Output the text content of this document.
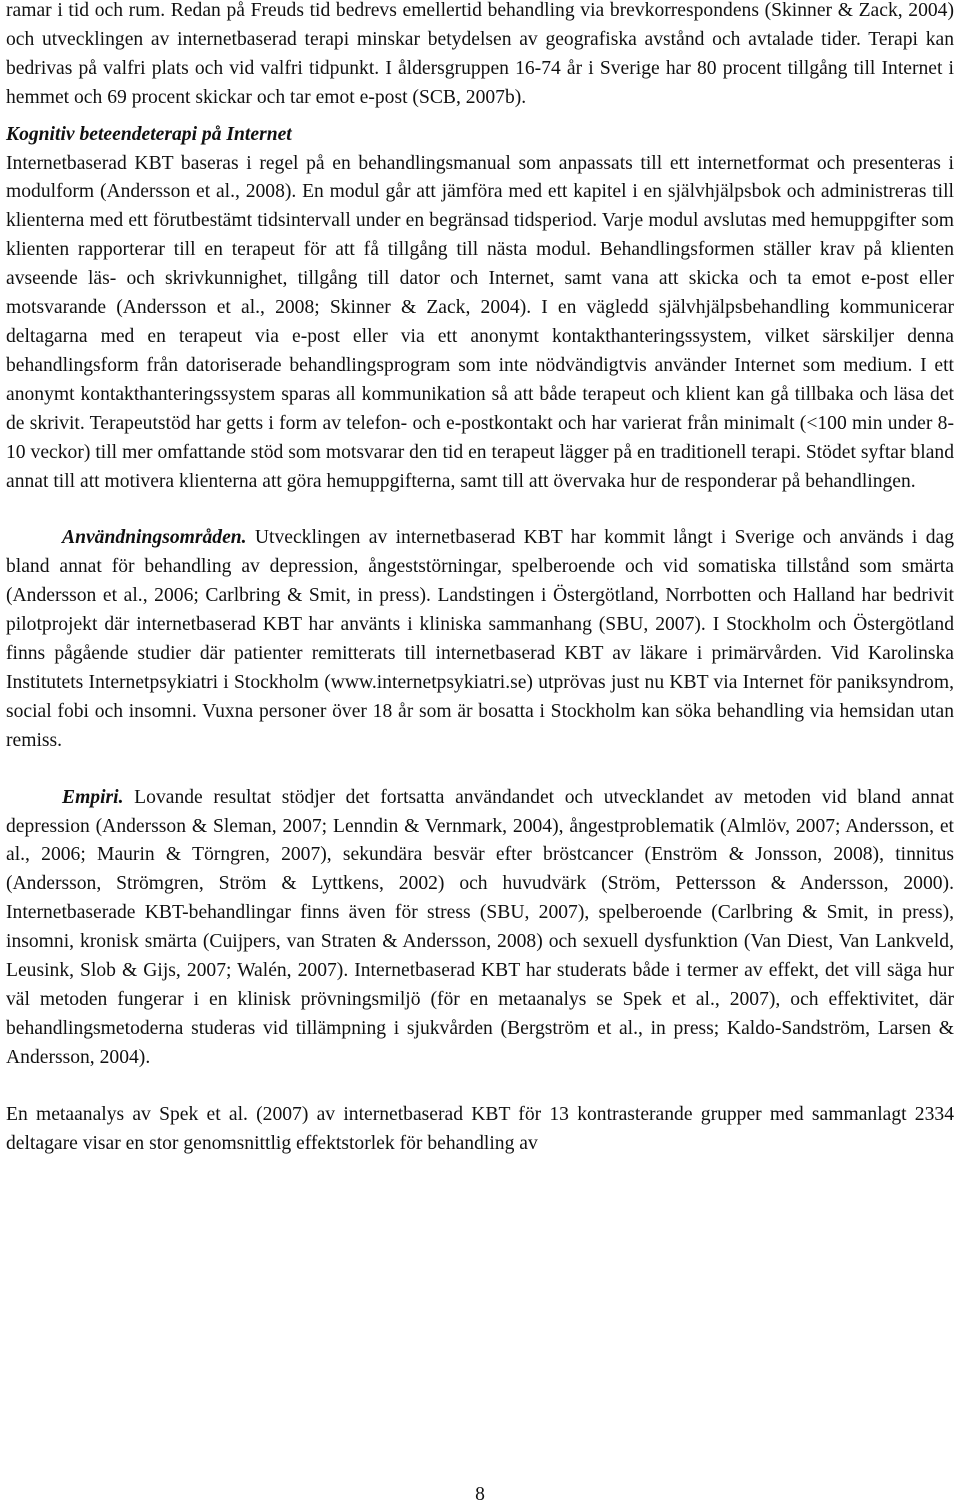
ramar i tid och rum. Redan på Freuds tid bedrevs emellertid behandling via brevkorrespondens (Skinner & Zack, 2004) och utvecklingen av internetbaserad terapi minskar betydelsen av geografiska avstånd och avtalade tider. Terapi kan bedrivas på valfri plats och vid valfri tidpunkt. I åldersgruppen 16-74 år i Sverige har 80 procent tillgång till Internet i hemmet och 69 procent skickar och tar emot e-post (SCB, 2007b).

Kognitiv beteendeterapi på Internet

Internetbaserad KBT baseras i regel på en behandlingsmanual som anpassats till ett internetformat och presenteras i modulform (Andersson et al., 2008). En modul går att jämföra med ett kapitel i en självhjälpsbok och administreras till klienterna med ett förutbestämt tidsintervall under en begränsad tidsperiod. Varje modul avslutas med hemuppgifter som klienten rapporterar till en terapeut för att få tillgång till nästa modul. Behandlingsformen ställer krav på klienten avseende läs- och skrivkunnighet, tillgång till dator och Internet, samt vana att skicka och ta emot e-post eller motsvarande (Andersson et al., 2008; Skinner & Zack, 2004). I en vägledd självhjälpsbehandling kommunicerar deltagarna med en terapeut via e-post eller via ett anonymt kontakthanteringssystem, vilket särskiljer denna behandlingsform från datoriserade behandlingsprogram som inte nödvändigtvis använder Internet som medium. I ett anonymt kontakthanteringssystem sparas all kommunikation så att både terapeut och klient kan gå tillbaka och läsa det de skrivit. Terapeutstöd har getts i form av telefon- och e-postkontakt och har varierat från minimalt (<100 min under 8-10 veckor) till mer omfattande stöd som motsvarar den tid en terapeut lägger på en traditionell terapi. Stödet syftar bland annat till att motivera klienterna att göra hemuppgifterna, samt till att övervaka hur de responderar på behandlingen.

Användningsområden. Utvecklingen av internetbaserad KBT har kommit långt i Sverige och används i dag bland annat för behandling av depression, ångeststörningar, spelberoende och vid somatiska tillstånd som smärta (Andersson et al., 2006; Carlbring & Smit, in press). Landstingen i Östergötland, Norrbotten och Halland har bedrivit pilotprojekt där internetbaserad KBT har använts i kliniska sammanhang (SBU, 2007). I Stockholm och Östergötland finns pågående studier där patienter remitterats till internetbaserad KBT av läkare i primärvården. Vid Karolinska Institutets Internetpsykiatri i Stockholm (www.internetpsykiatri.se) utprövas just nu KBT via Internet för paniksyndrom, social fobi och insomni. Vuxna personer över 18 år som är bosatta i Stockholm kan söka behandling via hemsidan utan remiss.

Empiri. Lovande resultat stödjer det fortsatta användandet och utvecklandet av metoden vid bland annat depression (Andersson & Sleman, 2007; Lenndin & Vernmark, 2004), ångestproblematik (Almlöv, 2007; Andersson, et al., 2006; Maurin & Törngren, 2007), sekundära besvär efter bröstcancer (Enström & Jonsson, 2008), tinnitus (Andersson, Strömgren, Ström & Lyttkens, 2002) och huvudvärk (Ström, Pettersson & Andersson, 2000). Internetbaserade KBT-behandlingar finns även för stress (SBU, 2007), spelberoende (Carlbring & Smit, in press), insomni, kronisk smärta (Cuijpers, van Straten & Andersson, 2008) och sexuell dysfunktion (Van Diest, Van Lankveld, Leusink, Slob & Gijs, 2007; Walén, 2007). Internetbaserad KBT har studerats både i termer av effekt, det vill säga hur väl metoden fungerar i en klinisk prövningsmiljö (för en metaanalys se Spek et al., 2007), och effektivitet, där behandlingsmetoderna studeras vid tillämpning i sjukvården (Bergström et al., in press; Kaldo-Sandström, Larsen & Andersson, 2004).

En metaanalys av Spek et al. (2007) av internetbaserad KBT för 13 kontrasterande grupper med sammanlagt 2334 deltagare visar en stor genomsnittlig effektstorlek för behandling av

8
